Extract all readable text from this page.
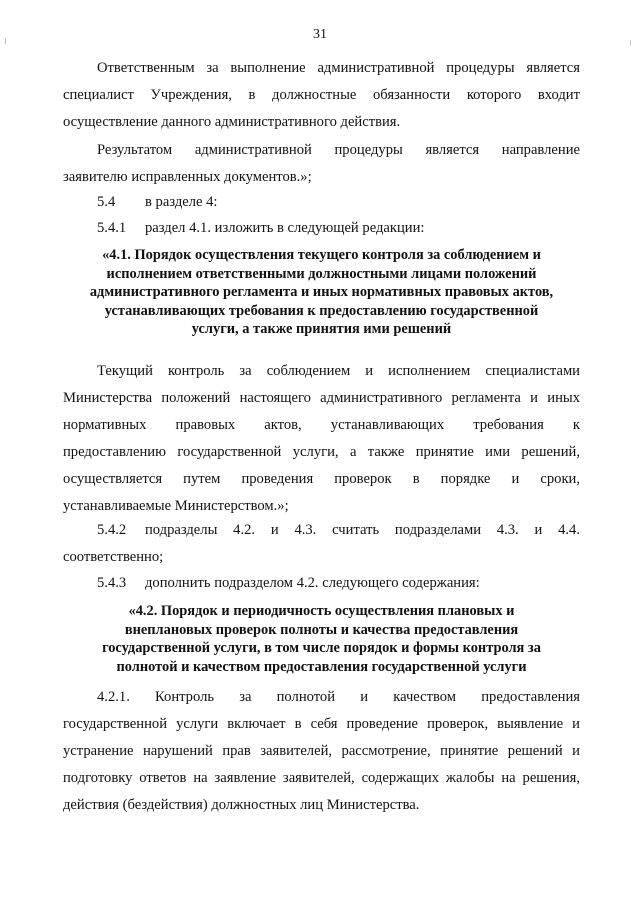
31
Ответственным за выполнение административной процедуры является
специалист Учреждения, в должностные обязанности которого входит
осуществление данного административного действия.
Результатом административной процедуры является направление
заявителю исправленных документов.»;
5.4 в разделе 4:
5.4.1 раздел 4.1. изложить в следующей редакции:
«4.1. Порядок осуществления текущего контроля за соблюдением и
исполнением ответственными должностными лицами положений
административного регламента и иных нормативных правовых актов,
устанавливающих требования к предоставлению государственной
услуги, а также принятия ими решений
Текущий контроль за соблюдением и исполнением специалистами
Министерства положений настоящего административного регламента и иных
нормативных правовых актов, устанавливающих требования к
предоставлению государственной услуги, а также принятие ими решений,
осуществляется путем проведения проверок в порядке и сроки,
устанавливаемые Министерством.»;
5.4.2 подразделы 4.2. и 4.3. считать подразделами 4.3. и 4.4.
соответственно;
5.4.3 дополнить подразделом 4.2. следующего содержания:
«4.2. Порядок и периодичность осуществления плановых и
внеплановых проверок полноты и качества предоставления
государственной услуги, в том числе порядок и формы контроля за
полнотой и качеством предоставления государственной услуги
4.2.1. Контроль за полнотой и качеством предоставления
государственной услуги включает в себя проведение проверок, выявление и
устранение нарушений прав заявителей, рассмотрение, принятие решений и
подготовку ответов на заявление заявителей, содержащих жалобы на решения,
действия (бездействия) должностных лиц Министерства.
